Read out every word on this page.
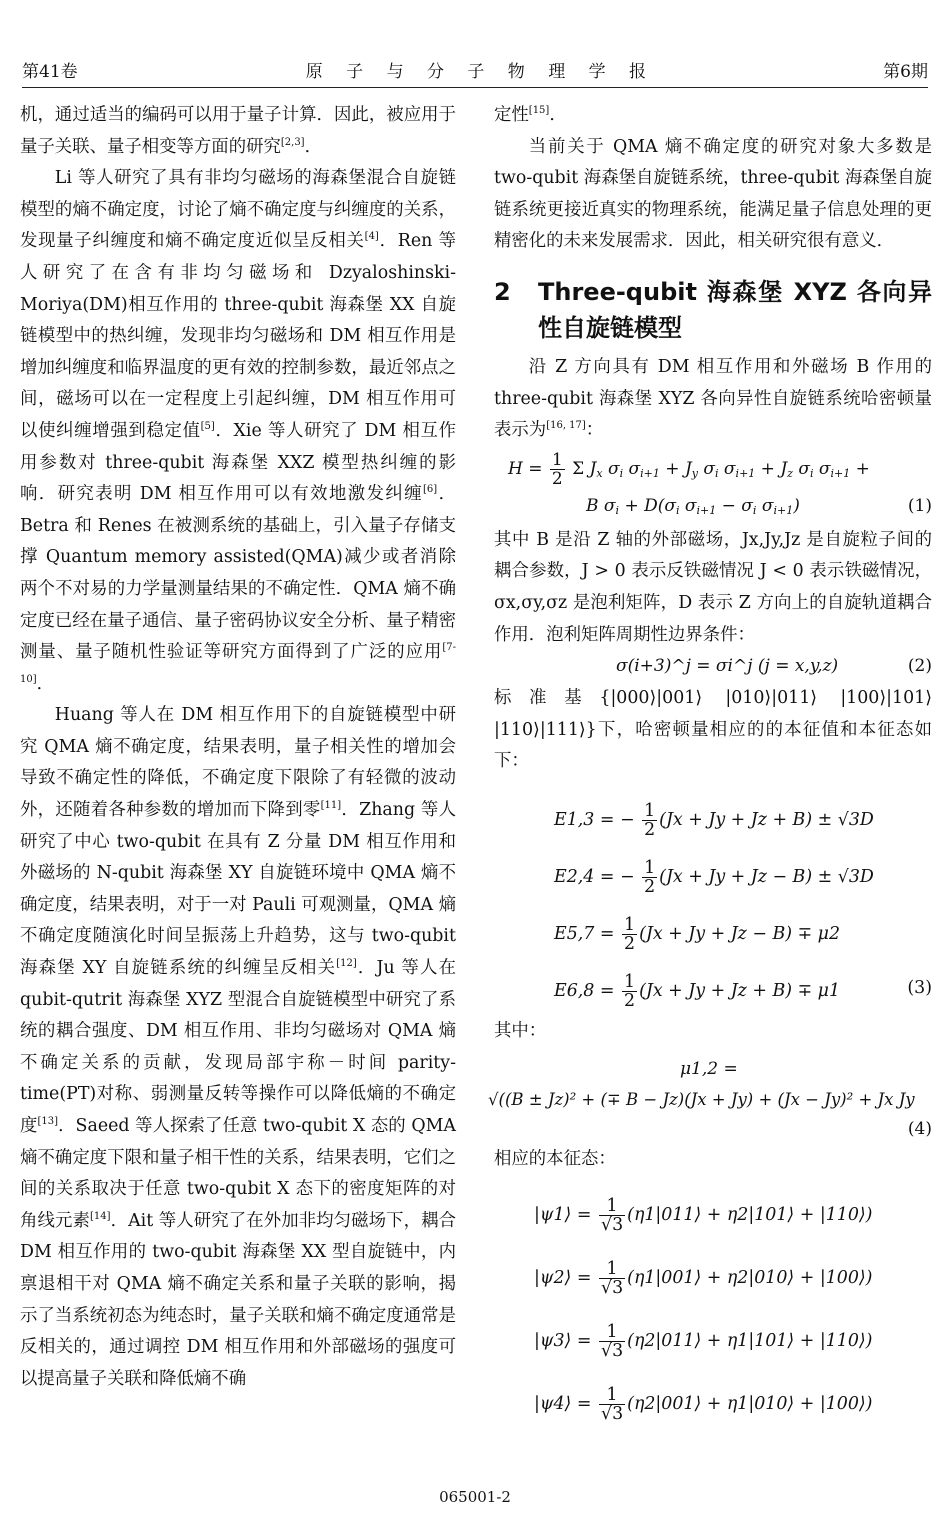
第41卷	原 子 与 分 子 物 理 学 报	第6期

机，通过适当的编码可以用于量子计算．因此，被应用于量子关联、量子相变等方面的研究[2,3]．

Li 等人研究了具有非均匀磁场的海森堡混合自旋链模型的熵不确定度，讨论了熵不确定度与纠缠度的关系，发现量子纠缠度和熵不确定度近似呈反相关[4]．Ren 等人研究了在含有非均匀磁场和 Dzyaloshinski-Moriya(DM)相互作用的 three-qubit 海森堡 XX 自旋链模型中的热纠缠，发现非均匀磁场和 DM 相互作用是增加纠缠度和临界温度的更有效的控制参数，最近邻点之间，磁场可以在一定程度上引起纠缠，DM 相互作用可以使纠缠增强到稳定值[5]．Xie 等人研究了 DM 相互作用参数对 three-qubit 海森堡 XXZ 模型热纠缠的影响．研究表明 DM 相互作用可以有效地激发纠缠[6]．Betra 和 Renes 在被测系统的基础上，引入量子存储支撑 Quantum memory assisted(QMA)减少或者消除两个不对易的力学量测量结果的不确定性．QMA 熵不确定度已经在量子通信、量子密码协议安全分析、量子精密测量、量子随机性验证等研究方面得到了广泛的应用[7-10]．

Huang 等人在 DM 相互作用下的自旋链模型中研究 QMA 熵不确定度，结果表明，量子相关性的增加会导致不确定性的降低，不确定度下限除了有轻微的波动外，还随着各种参数的增加而下降到零[11]．Zhang 等人研究了中心 two-qubit 在具有 Z 分量 DM 相互作用和外磁场的 N-qubit 海森堡 XY 自旋链环境中 QMA 熵不确定度，结果表明，对于一对 Pauli 可观测量，QMA 熵不确定度随演化时间呈振荡上升趋势，这与 two-qubit 海森堡 XY 自旋链系统的纠缠呈反相关[12]．Ju 等人在 qubit-qutrit 海森堡 XYZ 型混合自旋链模型中研究了系统的耦合强度、DM 相互作用、非均匀磁场对 QMA 熵不确定关系的贡献，发现局部宇称－时间 parity-time(PT)对称、弱测量反转等操作可以降低熵的不确定度[13]．Saeed 等人探索了任意 two-qubit X 态的 QMA 熵不确定度下限和量子相干性的关系，结果表明，它们之间的关系取决于任意 two-qubit X 态下的密度矩阵的对角线元素[14]．Ait 等人研究了在外加非均匀磁场下，耦合 DM 相互作用的 two-qubit 海森堡 XX 型自旋链中，内禀退相干对 QMA 熵不确定关系和量子关联的影响，揭示了当系统初态为纯态时，量子关联和熵不确定度通常是反相关的，通过调控 DM 相互作用和外部磁场的强度可以提高量子关联和降低熵不确

定性[15]．

当前关于 QMA 熵不确定度的研究对象大多数是 two-qubit 海森堡自旋链系统，three-qubit 海森堡自旋链系统更接近真实的物理系统，能满足量子信息处理的更精密化的未来发展需求．因此，相关研究很有意义．

2	Three-qubit 海森堡 XYZ 各向异性自旋链模型

沿 Z 方向具有 DM 相互作用和外磁场 B 作用的 three-qubit 海森堡 XYZ 各向异性自旋链系统哈密顿量表示为[16, 17]：

$H = \frac{1}{2}$ Σ $J_x$ $\sigma_i$ $\sigma_{i+1} + J_y$ $\sigma_i$ $\sigma_{i+1} + J_z$ $\sigma_i$ $\sigma_{i+1}$ +
B $\sigma_i + D(\sigma_i$ $\sigma_{i+1} - \sigma_i$ $\sigma_{i+1}$)	(1)

其中 B 是沿 Z 轴的外部磁场，Jx,Jy,Jz 是自旋粒子间的耦合参数，J > 0 表示反铁磁情况 J < 0 表示铁磁情况，σx,σy,σz 是泡利矩阵，D 表示 Z 方向上的自旋轨道耦合作用．泡利矩阵周期性边界条件：

σ(i+3)^j = σi^j (j = x,y,z)	(2)

标准基{|000⟩|001⟩ |010⟩|011⟩ |100⟩|101⟩ |110⟩|111⟩}下，哈密顿量相应的的本征值和本征态如下：

E1,3 = − $\frac{1}{2} (Jx + Jy + Jz + B) \pm √3D$
E2,4 = − $\frac{1}{2} (Jx + Jy + Jz - B) \pm √3D$
$E5,7 = \frac{1}{2} (Jx + Jy + Jz - B) \mp \mu 2$
$E6,8 = \frac{1}{2} (Jx + Jy + Jz + B) \mp \mu 1$	(3)

其中：

μ1,2 =
√((B ± Jz)² + (∓ B − Jz)(Jx + Jy) + (Jx − Jy)² + Jx Jy
(4)

相应的本征态：

|ψ1⟩ = $\frac{1}{√3}$ (η1|011⟩ + η2|101⟩ + |110⟩)
|ψ2⟩ = $\frac{1}{√3}$ (η1|001⟩ + η2|010⟩ + |100⟩)
|ψ3⟩ = $\frac{1}{√3}$ (η2|011⟩ + η1|101⟩ + |110⟩)
|ψ4⟩ = $\frac{1}{√3}$ (η2|001⟩ + η1|010⟩ + |100⟩)
065001-2
